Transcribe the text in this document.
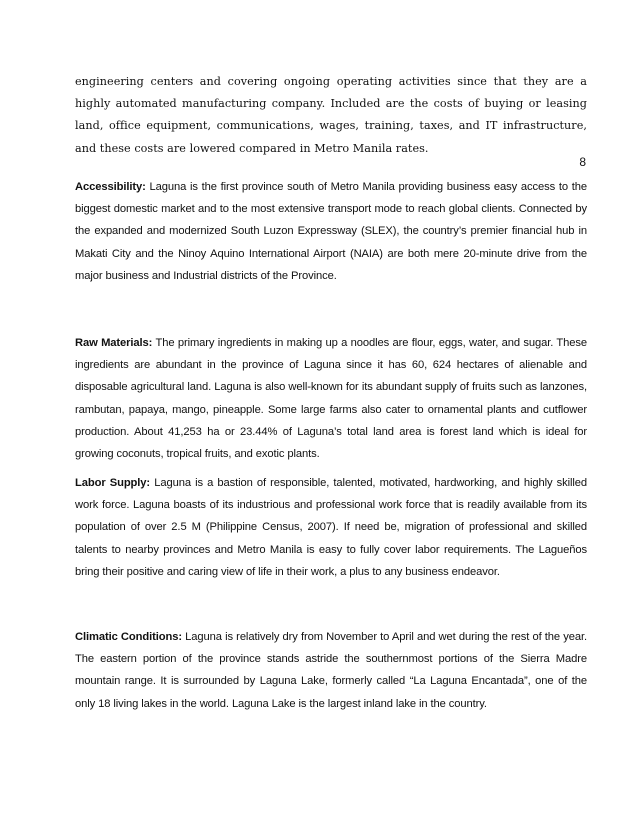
engineering centers and covering ongoing operating activities since that they are a highly automated manufacturing company. Included are the costs of buying or leasing land, office equipment, communications, wages, training, taxes, and IT infrastructure, and these costs are lowered compared in Metro Manila rates.

8

Accessibility: Laguna is the first province south of Metro Manila providing business easy access to the biggest domestic market and to the most extensive transport mode to reach global clients. Connected by the expanded and modernized South Luzon Expressway (SLEX), the country’s premier financial hub in Makati City and the Ninoy Aquino International Airport (NAIA) are both mere 20-minute drive from the major business and Industrial districts of the Province.

Raw Materials: The primary ingredients in making up a noodles are flour, eggs, water, and sugar. These ingredients are abundant in the province of Laguna since it has 60, 624 hectares of alienable and disposable agricultural land. Laguna is also well-known for its abundant supply of fruits such as lanzones, rambutan, papaya, mango, pineapple. Some large farms also cater to ornamental plants and cutflower production. About 41,253 ha or 23.44% of Laguna’s total land area is forest land which is ideal for growing coconuts, tropical fruits, and exotic plants.

Labor Supply: Laguna is a bastion of responsible, talented, motivated, hardworking, and highly skilled work force. Laguna boasts of its industrious and professional work force that is readily available from its population of over 2.5 M (Philippine Census, 2007). If need be, migration of professional and skilled talents to nearby provinces and Metro Manila is easy to fully cover labor requirements. The Lagueños bring their positive and caring view of life in their work, a plus to any business endeavor.

Climatic Conditions: Laguna is relatively dry from November to April and wet during the rest of the year. The eastern portion of the province stands astride the southernmost portions of the Sierra Madre mountain range. It is surrounded by Laguna Lake, formerly called “La Laguna Encantada”, one of the only 18 living lakes in the world. Laguna Lake is the largest inland lake in the country.
